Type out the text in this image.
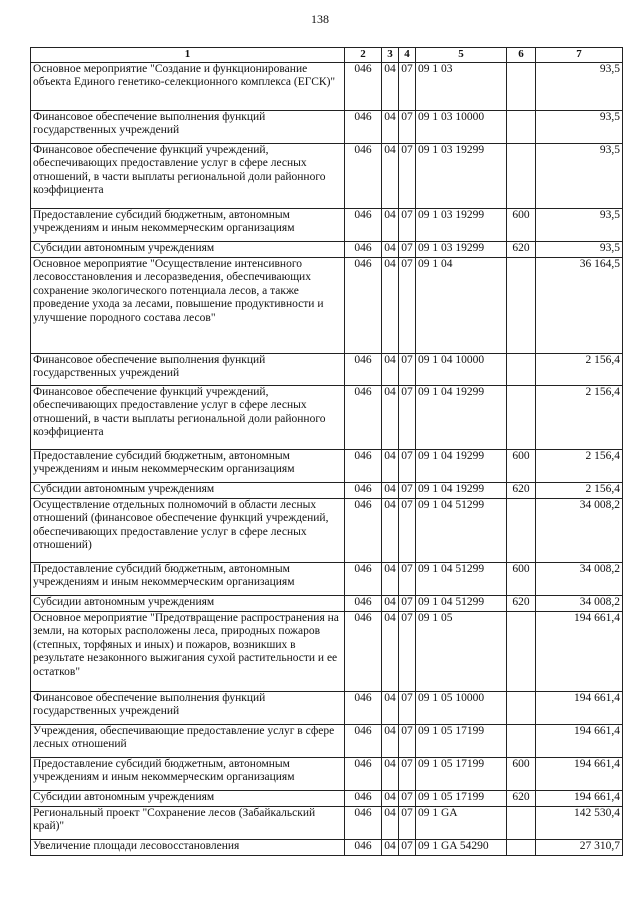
138
1	2	3	4	5	6	7
Основное мероприятие "Создание и функционирование объекта Единого генетико-селекционного комплекса (ЕГСК)"	046	04	07	09 1 03		93,5
Финансовое обеспечение выполнения функций государственных учреждений	046	04	07	09 1 03 10000		93,5
Финансовое обеспечение функций учреждений, обеспечивающих предоставление услуг в сфере лесных отношений, в части выплаты региональной доли районного коэффициента	046	04	07	09 1 03 19299		93,5
Предоставление субсидий бюджетным, автономным учреждениям и иным некоммерческим организациям	046	04	07	09 1 03 19299	600	93,5
Субсидии автономным учреждениям	046	04	07	09 1 03 19299	620	93,5
Основное мероприятие "Осуществление интенсивного лесовосстановления и лесоразведения, обеспечивающих сохранение экологического потенциала лесов, а также проведение ухода за лесами, повышение продуктивности и улучшение породного состава лесов"	046	04	07	09 1 04		36 164,5
Финансовое обеспечение выполнения функций государственных учреждений	046	04	07	09 1 04 10000		2 156,4
Финансовое обеспечение функций учреждений, обеспечивающих предоставление услуг в сфере лесных отношений, в части выплаты региональной доли районного коэффициента	046	04	07	09 1 04 19299		2 156,4
Предоставление субсидий бюджетным, автономным учреждениям и иным некоммерческим организациям	046	04	07	09 1 04 19299	600	2 156,4
Субсидии автономным учреждениям	046	04	07	09 1 04 19299	620	2 156,4
Осуществление отдельных полномочий в области лесных отношений (финансовое обеспечение функций учреждений, обеспечивающих предоставление услуг в сфере лесных отношений)	046	04	07	09 1 04 51299		34 008,2
Предоставление субсидий бюджетным, автономным учреждениям и иным некоммерческим организациям	046	04	07	09 1 04 51299	600	34 008,2
Субсидии автономным учреждениям	046	04	07	09 1 04 51299	620	34 008,2
Основное мероприятие "Предотвращение распространения на земли, на которых расположены леса, природных пожаров (степных, торфяных и иных) и пожаров, возникших в результате незаконного выжигания сухой растительности и ее остатков"	046	04	07	09 1 05		194 661,4
Финансовое обеспечение выполнения функций государственных учреждений	046	04	07	09 1 05 10000		194 661,4
Учреждения, обеспечивающие предоставление услуг в сфере лесных отношений	046	04	07	09 1 05 17199		194 661,4
Предоставление субсидий бюджетным, автономным учреждениям и иным некоммерческим организациям	046	04	07	09 1 05 17199	600	194 661,4
Субсидии автономным учреждениям	046	04	07	09 1 05 17199	620	194 661,4
Региональный проект "Сохранение лесов (Забайкальский край)"	046	04	07	09 1 GA		142 530,4
Увеличение площади лесовосстановления	046	04	07	09 1 GA 54290		27 310,7
